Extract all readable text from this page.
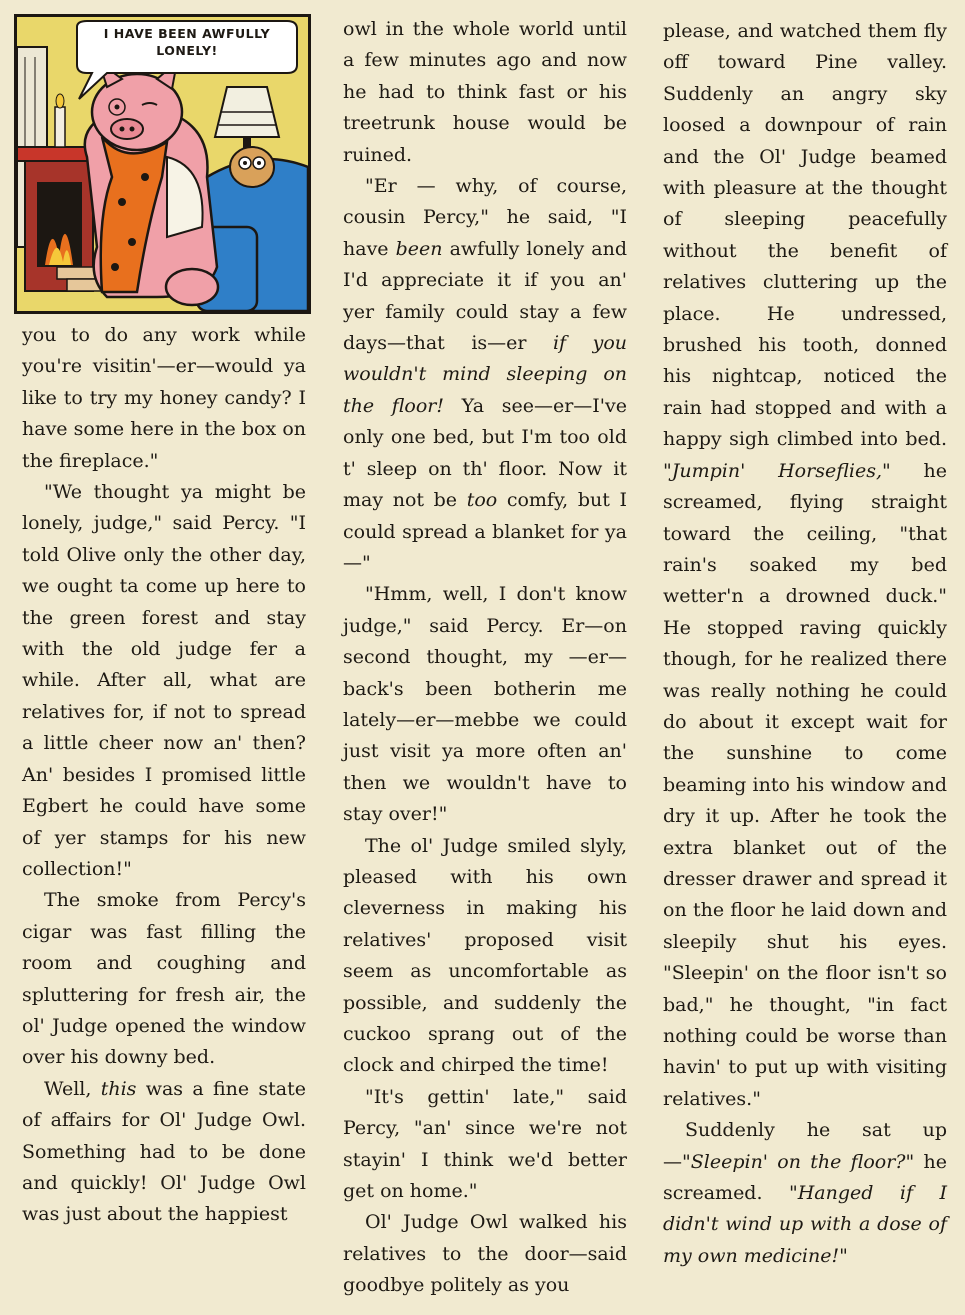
I HAVE BEEN AWFULLY
LONELY!

you to do any work while you're visitin'—er—would ya like to try my honey candy? I have some here in the box on the fireplace."

"We thought ya might be lonely, judge," said Percy. "I told Olive only the other day, we ought ta come up here to the green forest and stay with the old judge fer a while. After all, what are relatives for, if not to spread a little cheer now an' then? An' besides I promised little Egbert he could have some of yer stamps for his new collection!"

The smoke from Percy's cigar was fast filling the room and coughing and spluttering for fresh air, the ol' Judge opened the window over his downy bed.

Well, this was a fine state of affairs for Ol' Judge Owl. Something had to be done and quickly! Ol' Judge Owl was just about the happiest

owl in the whole world until a few minutes ago and now he had to think fast or his treetrunk house would be ruined.

"Er — why, of course, cousin Percy," he said, "I have been awfully lonely and I'd appreciate it if you an' yer family could stay a few days—that is—er if you wouldn't mind sleeping on the floor! Ya see—er—I've only one bed, but I'm too old t' sleep on th' floor. Now it may not be too comfy, but I could spread a blanket for ya—"

"Hmm, well, I don't know judge," said Percy. Er—on second thought, my —er—back's been botherin me lately—er—mebbe we could just visit ya more often an' then we wouldn't have to stay over!"

The ol' Judge smiled slyly, pleased with his own cleverness in making his relatives' proposed visit seem as uncomfortable as possible, and suddenly the cuckoo sprang out of the clock and chirped the time!

"It's gettin' late," said Percy, "an' since we're not stayin' I think we'd better get on home."

Ol' Judge Owl walked his relatives to the door—said goodbye politely as you

please, and watched them fly off toward Pine valley. Suddenly an angry sky loosed a downpour of rain and the Ol' Judge beamed with pleasure at the thought of sleeping peacefully without the benefit of relatives cluttering up the place. He undressed, brushed his tooth, donned his nightcap, noticed the rain had stopped and with a happy sigh climbed into bed. "Jumpin' Horseflies," he screamed, flying straight toward the ceiling, "that rain's soaked my bed wetter'n a drowned duck." He stopped raving quickly though, for he realized there was really nothing he could do about it except wait for the sunshine to come beaming into his window and dry it up. After he took the extra blanket out of the dresser drawer and spread it on the floor he laid down and sleepily shut his eyes. "Sleepin' on the floor isn't so bad," he thought, "in fact nothing could be worse than havin' to put up with visiting relatives."

Suddenly he sat up—"Sleepin' on the floor?" he screamed. "Hanged if I didn't wind up with a dose of my own medicine!"
